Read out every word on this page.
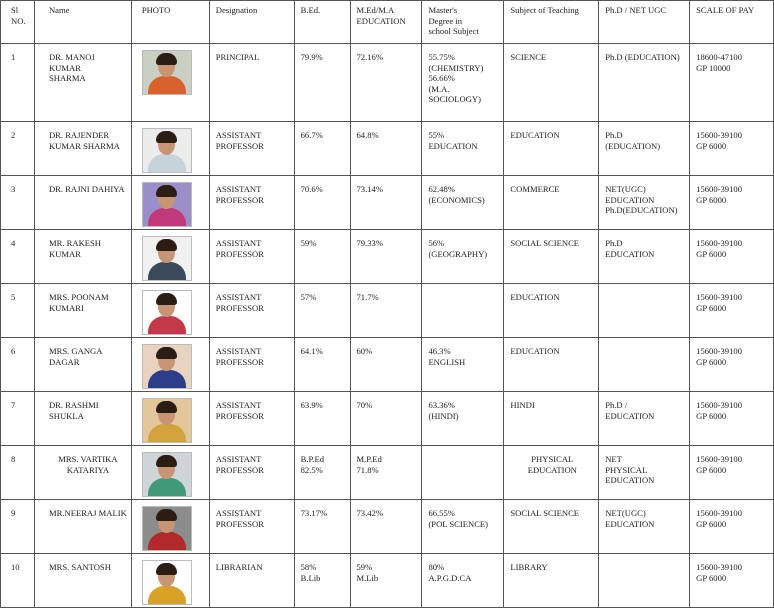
Sl NO.	Name	PHOTO	Designation	B.Ed.	M.Ed/M.A
EDUCATION	Master's
Degree in
school Subject	Subject of Teaching	Ph.D / NET UGC	SCALE OF PAY
1	DR. MANOJ KUMAR
SHARMA		PRINCIPAL	79.9%	72.16%	55.75%
(CHEMISTRY)
56.66%
(M.A.
SOCIOLOGY)	SCIENCE	Ph.D (EDUCATION)	18600-47100
GP 10000
2	DR. RAJENDER
KUMAR SHARMA		ASSISTANT
PROFESSOR	66.7%	64.8%	55%
EDUCATION	EDUCATION	Ph.D
(EDUCATION)	15600-39100
GP 6000
3	DR. RAJNI DAHIYA		ASSISTANT
PROFESSOR	70.6%	73.14%	62.48%
(ECONOMICS)	COMMERCE	NET(UGC)
EDUCATION
Ph.D(EDUCATION)	15600-39100
GP 6000
4	MR. RAKESH
KUMAR		ASSISTANT
PROFESSOR	59%	79.33%	56%
(GEOGRAPHY)	SOCIAL SCIENCE	Ph.D
EDUCATION	15600-39100
GP 6000
5	MRS. POONAM
KUMARI		ASSISTANT
PROFESSOR	57%	71.7%		EDUCATION		15600-39100
GP 6000
6	MRS. GANGA
DAGAR		ASSISTANT
PROFESSOR	64.1%	60%	46.3%
ENGLISH	EDUCATION		15600-39100
GP 6000
7	DR. RASHMI SHUKLA		ASSISTANT
PROFESSOR	63.9%	70%	63.36%
(HINDI)	HINDI	Ph.D /
EDUCATION	15600-39100
GP 6000
8	MRS. VARTIKA
KATARIYA		ASSISTANT
PROFESSOR	B.P.Ed
82.5%	M.P.Ed
71.8%		PHYSICAL
EDUCATION	NET
PHYSICAL
EDUCATION	15600-39100
GP 6000
9	MR.NEERAJ MALIK		ASSISTANT
PROFESSOR	73.17%	73.42%	66.55%
(POL SCIENCE)	SOCIAL SCIENCE	NET(UGC)
EDUCATION	15600-39100
GP 6000
10	MRS. SANTOSH		LIBRARIAN	58%
B.Lib	59%
M.Lib	80%
A.P.G.D.CA	LIBRARY		15600-39100
GP 6000
